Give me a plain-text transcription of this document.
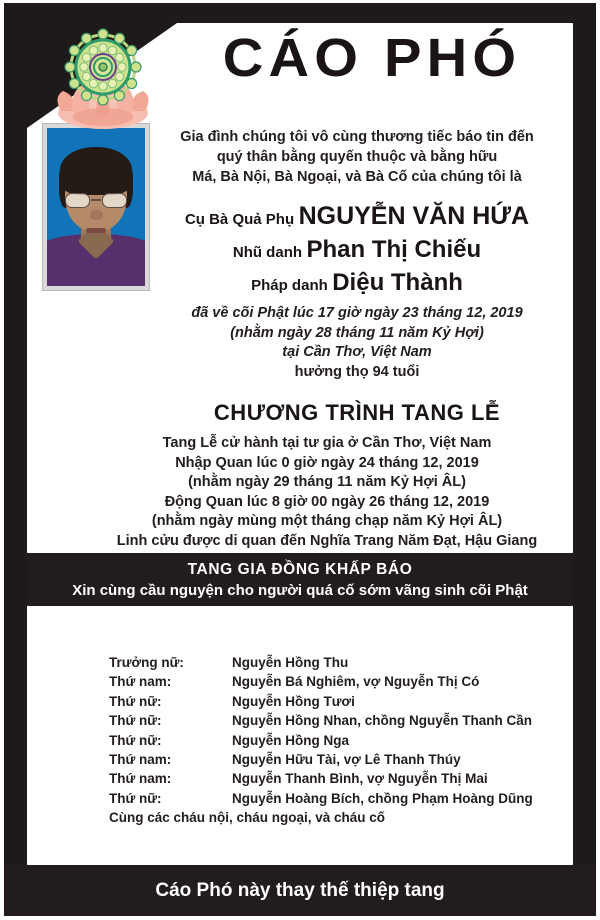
CÁO PHÓ
Gia đình chúng tôi vô cùng thương tiếc báo tin đến
quý thân bằng quyến thuộc và bằng hữu
Má, Bà Nội, Bà Ngoại, và Bà Cố của chúng tôi là
Cụ Bà Quả Phụ NGUYỄN VĂN HỨA
Nhũ danh Phan Thị Chiếu
Pháp danh Diệu Thành
đã về cõi Phật lúc 17 giờ ngày 23 tháng 12, 2019
(nhằm ngày 28 tháng 11 năm Kỷ Hợi)
tại Cần Thơ, Việt Nam
hưởng thọ 94 tuổi
CHƯƠNG TRÌNH TANG LỄ
Tang Lễ cử hành tại tư gia ở Cần Thơ, Việt Nam
Nhập Quan lúc 0 giờ ngày 24 tháng 12, 2019
(nhằm ngày 29 tháng 11 năm Kỷ Hợi ÂL)
Động Quan lúc 8 giờ 00 ngày 26 tháng 12, 2019
(nhằm ngày mùng một tháng chạp năm Kỷ Hợi ÂL)
Linh cửu được di quan đến Nghĩa Trang Năm Đạt, Hậu Giang
TANG GIA ĐỒNG KHẤP BÁO
Xin cùng cầu nguyện cho người quá cố sớm vãng sinh cõi Phật
Trưởng nữ:	Nguyễn Hồng Thu
Thứ nam:	Nguyễn Bá Nghiêm, vợ Nguyễn Thị Có
Thứ nữ:	Nguyễn Hồng Tươi
Thứ nữ:	Nguyễn Hồng Nhan, chồng Nguyễn Thanh Cần
Thứ nữ:	Nguyễn Hồng Nga
Thứ nam:	Nguyễn Hữu Tài, vợ Lê Thanh Thúy
Thứ nam:	Nguyễn Thanh Bình, vợ Nguyễn Thị Mai
Thứ nữ:	Nguyễn Hoàng Bích, chồng Phạm Hoàng Dũng
Cùng các cháu nội, cháu ngoại, và cháu cố
Cáo Phó này thay thế thiệp tang
